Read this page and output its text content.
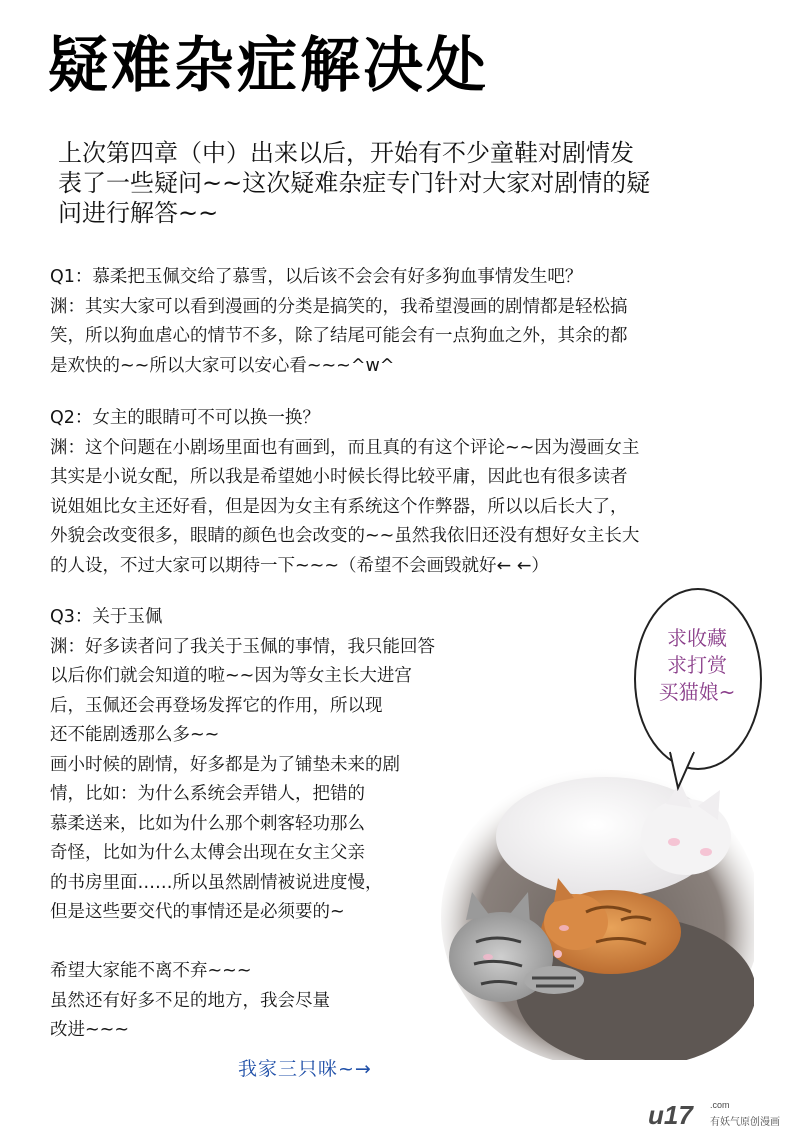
疑难杂症解决处
上次第四章（中）出来以后，开始有不少童鞋对剧情发
表了一些疑问~~这次疑难杂症专门针对大家对剧情的疑
问进行解答~~
Q1：慕柔把玉佩交给了慕雪，以后该不会会有好多狗血事情发生吧？
渊：其实大家可以看到漫画的分类是搞笑的，我希望漫画的剧情都是轻松搞
笑，所以狗血虐心的情节不多，除了结尾可能会有一点狗血之外，其余的都
是欢快的~~所以大家可以安心看~~~^w^
Q2：女主的眼睛可不可以换一换？
渊：这个问题在小剧场里面也有画到，而且真的有这个评论~~因为漫画女主
其实是小说女配，所以我是希望她小时候长得比较平庸，因此也有很多读者
说姐姐比女主还好看，但是因为女主有系统这个作弊器，所以以后长大了，
外貌会改变很多，眼睛的颜色也会改变的~~虽然我依旧还没有想好女主长大
的人设，不过大家可以期待一下~~~（希望不会画毁就好← ←）
Q3：关于玉佩
渊：好多读者问了我关于玉佩的事情，我只能回答
以后你们就会知道的啦~~因为等女主长大进宫
后，玉佩还会再登场发挥它的作用，所以现
还不能剧透那么多~~
画小时候的剧情，好多都是为了铺垫未来的剧
情，比如：为什么系统会弄错人，把错的
慕柔送来，比如为什么那个刺客轻功那么
奇怪，比如为什么太傅会出现在女主父亲
的书房里面……所以虽然剧情被说进度慢，
但是这些要交代的事情还是必须要的~

希望大家能不离不弃~~~
虽然还有好多不足的地方，我会尽量
改进~~~
求收藏
求打赏
买猫娘~
我家三只咪~→
u17 .com
有妖气原创漫画
